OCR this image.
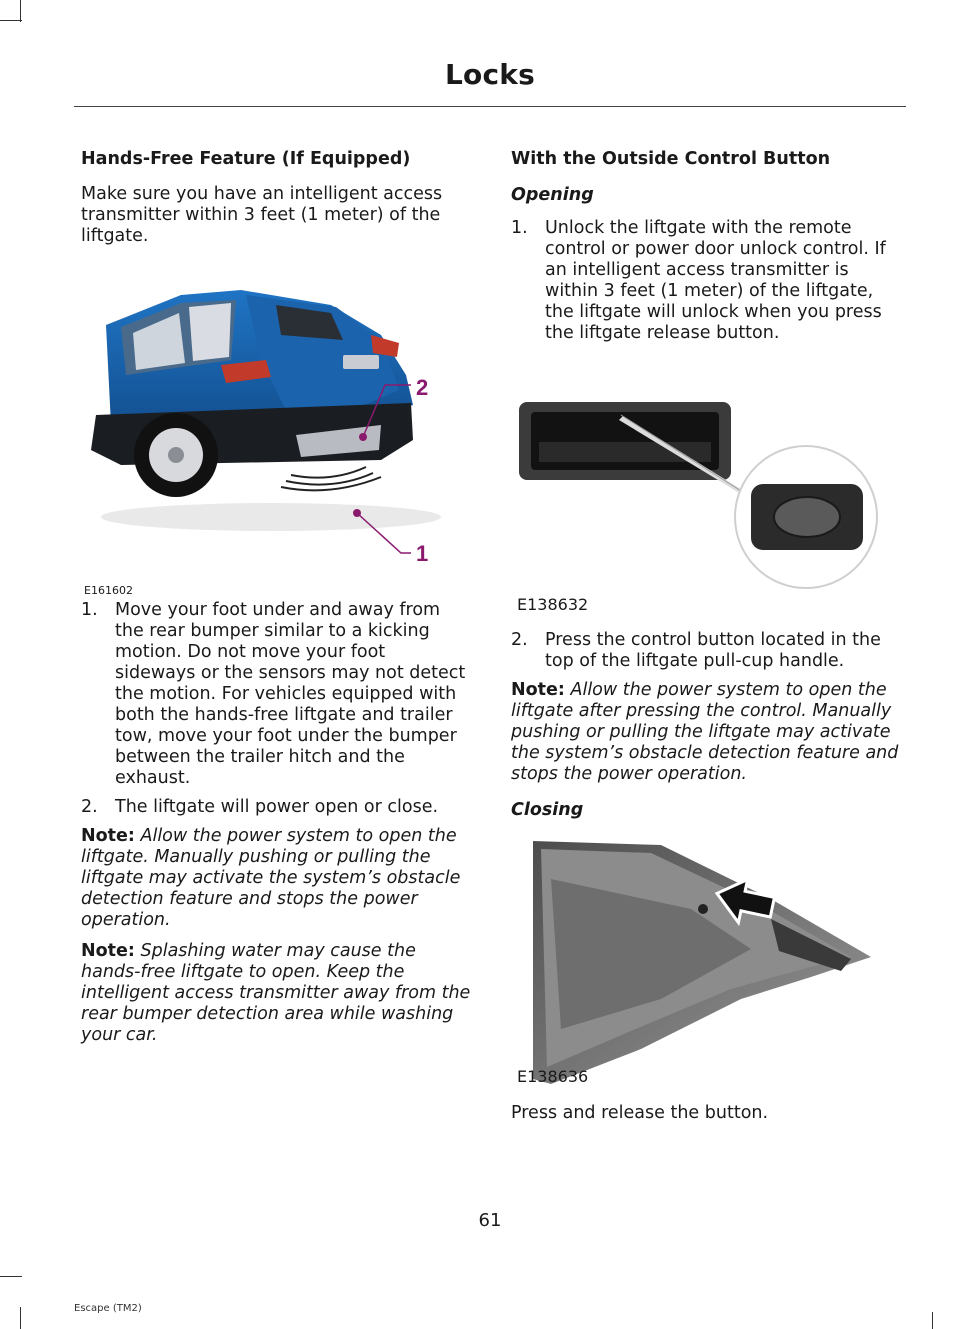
Locks
Hands-Free Feature (If Equipped)

Make sure you have an intelligent access transmitter within 3 feet (1 meter) of the liftgate.

2
1
E161602
1. Move your foot under and away from the rear bumper similar to a kicking motion. Do not move your foot sideways or the sensors may not detect the motion. For vehicles equipped with both the hands-free liftgate and trailer tow, move your foot under the bumper between the trailer hitch and the exhaust.
2. The liftgate will power open or close.

Note: Allow the power system to open the liftgate. Manually pushing or pulling the liftgate may activate the system’s obstacle detection feature and stops the power operation.

Note: Splashing water may cause the hands-free liftgate to open. Keep the intelligent access transmitter away from the rear bumper detection area while washing your car.

With the Outside Control Button
Opening
1. Unlock the liftgate with the remote control or power door unlock control. If an intelligent access transmitter is within 3 feet (1 meter) of the liftgate, the liftgate will unlock when you press the liftgate release button.
E138632
2. Press the control button located in the top of the liftgate pull-cup handle.

Note: Allow the power system to open the liftgate after pressing the control. Manually pushing or pulling the liftgate may activate the system’s obstacle detection feature and stops the power operation.

Closing
E138636

Press and release the button.

61
Escape (TM2)
